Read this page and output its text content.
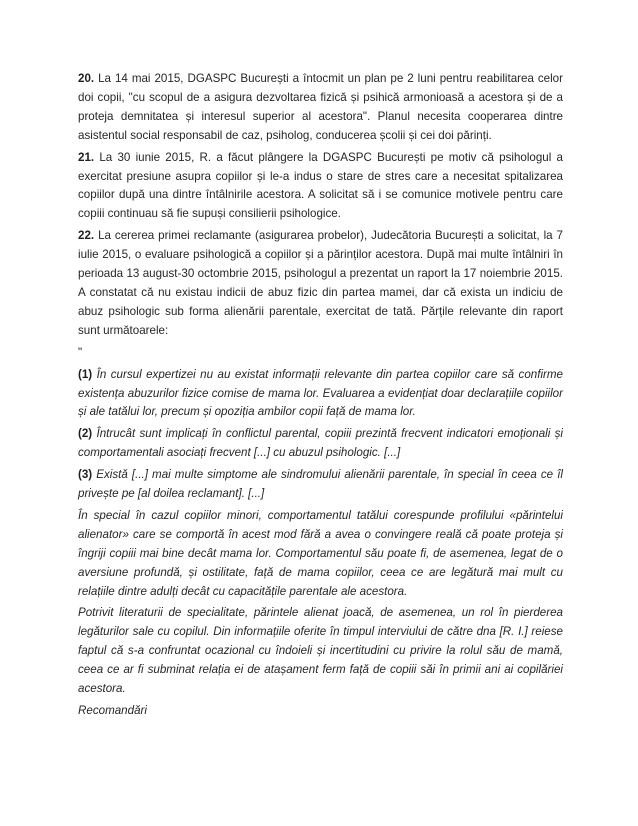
20. La 14 mai 2015, DGASPC București a întocmit un plan pe 2 luni pentru reabilitarea celor doi copii, "cu scopul de a asigura dezvoltarea fizică și psihică armonioasă a acestora și de a proteja demnitatea și interesul superior al acestora". Planul necesita cooperarea dintre asistentul social responsabil de caz, psiholog, conducerea școlii și cei doi părinți.

21. La 30 iunie 2015, R. a făcut plângere la DGASPC București pe motiv că psihologul a exercitat presiune asupra copiilor și le-a indus o stare de stres care a necesitat spitalizarea copiilor după una dintre întâlnirile acestora. A solicitat să i se comunice motivele pentru care copiii continuau să fie supuși consilierii psihologice.

22. La cererea primei reclamante (asigurarea probelor), Judecătoria București a solicitat, la 7 iulie 2015, o evaluare psihologică a copiilor și a părinților acestora. După mai multe întâlniri în perioada 13 august-30 octombrie 2015, psihologul a prezentat un raport la 17 noiembrie 2015. A constatat că nu existau indicii de abuz fizic din partea mamei, dar că exista un indiciu de abuz psihologic sub forma alienării parentale, exercitat de tată. Părțile relevante din raport sunt următoarele:

"

(1) În cursul expertizei nu au existat informații relevante din partea copiilor care să confirme existența abuzurilor fizice comise de mama lor. Evaluarea a evidențiat doar declarațiile copiilor și ale tatălui lor, precum și opoziția ambilor copii față de mama lor.

(2) Întrucât sunt implicați în conflictul parental, copiii prezintă frecvent indicatori emoționali și comportamentali asociați frecvent [...] cu abuzul psihologic. [...]

(3) Există [...] mai multe simptome ale sindromului alienării parentale, în special în ceea ce îl privește pe [al doilea reclamant]. [...]

În special în cazul copiilor minori, comportamentul tatălui corespunde profilului «părintelui alienator» care se comportă în acest mod fără a avea o convingere reală că poate proteja și îngriji copiii mai bine decât mama lor. Comportamentul său poate fi, de asemenea, legat de o aversiune profundă, și ostilitate, față de mama copiilor, ceea ce are legătură mai mult cu relațiile dintre adulți decât cu capacitățile parentale ale acestora.

Potrivit literaturii de specialitate, părintele alienat joacă, de asemenea, un rol în pierderea legăturilor sale cu copilul. Din informațiile oferite în timpul interviului de către dna [R. I.] reiese faptul că s-a confruntat ocazional cu îndoieli și incertitudini cu privire la rolul său de mamă, ceea ce ar fi subminat relația ei de atașament ferm față de copiii săi în primii ani ai copilăriei acestora.

Recomandări
